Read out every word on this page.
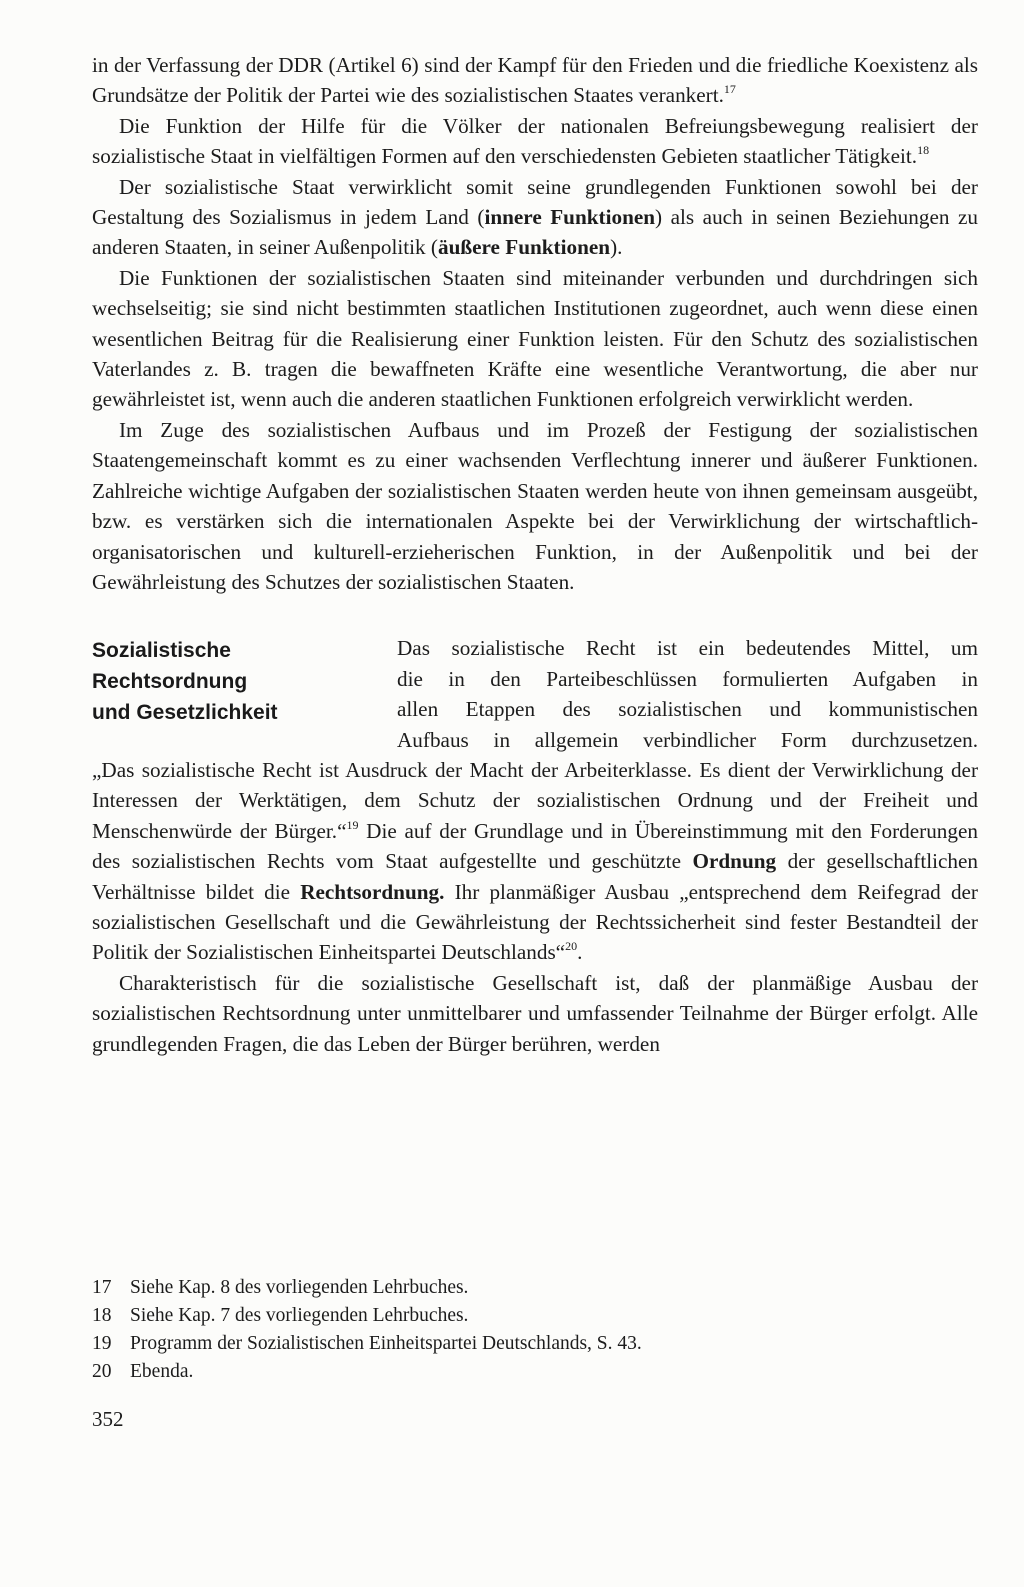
in der Verfassung der DDR (Artikel 6) sind der Kampf für den Frieden und die friedliche Koexistenz als Grundsätze der Politik der Partei wie des sozialistischen Staates verankert.$^{17}$

Die Funktion der Hilfe für die Völker der nationalen Befreiungsbewegung realisiert der sozialistische Staat in vielfältigen Formen auf den verschiedensten Gebieten staatlicher Tätigkeit.$^{18}$

Der sozialistische Staat verwirklicht somit seine grundlegenden Funktionen sowohl bei der Gestaltung des Sozialismus in jedem Land (innere Funktionen) als auch in seinen Beziehungen zu anderen Staaten, in seiner Außenpolitik (äußere Funktionen).

Die Funktionen der sozialistischen Staaten sind miteinander verbunden und durchdringen sich wechselseitig; sie sind nicht bestimmten staatlichen Institutionen zugeordnet, auch wenn diese einen wesentlichen Beitrag für die Realisierung einer Funktion leisten. Für den Schutz des sozialistischen Vaterlandes z. B. tragen die bewaffneten Kräfte eine wesentliche Verantwortung, die aber nur gewährleistet ist, wenn auch die anderen staatlichen Funktionen erfolgreich verwirklicht werden.

Im Zuge des sozialistischen Aufbaus und im Prozeß der Festigung der sozialistischen Staatengemeinschaft kommt es zu einer wachsenden Verflechtung innerer und äußerer Funktionen. Zahlreiche wichtige Aufgaben der sozialistischen Staaten werden heute von ihnen gemeinsam ausgeübt, bzw. es verstärken sich die internationalen Aspekte bei der Verwirklichung der wirtschaftlich-organisatorischen und kulturell-erzieherischen Funktion, in der Außenpolitik und bei der Gewährleistung des Schutzes der sozialistischen Staaten.

Sozialistische
Rechtsordnung
und Gesetzlichkeit

Das sozialistische Recht ist ein bedeutendes Mittel, um

die in den Parteibeschlüssen formulierten Aufgaben in

allen Etappen des sozialistischen und kommunistischen

Aufbaus in allgemein verbindlicher Form durchzusetzen.

„Das sozialistische Recht ist Ausdruck der Macht der Arbeiterklasse. Es dient der Verwirklichung der Interessen der Werktätigen, dem Schutz der sozialistischen Ordnung und der Freiheit und Menschenwürde der Bürger.“$^{19}$ Die auf der Grundlage und in Übereinstimmung mit den Forderungen des sozialistischen Rechts vom Staat aufgestellte und geschützte Ordnung der gesellschaftlichen Verhältnisse bildet die Rechtsordnung. Ihr planmäßiger Ausbau „entsprechend dem Reifegrad der sozialistischen Gesellschaft und die Gewährleistung der Rechtssicherheit sind fester Bestandteil der Politik der Sozialistischen Einheitspartei Deutschlands“$^{20}$.

Charakteristisch für die sozialistische Gesellschaft ist, daß der planmäßige Ausbau der sozialistischen Rechtsordnung unter unmittelbarer und umfassender Teilnahme der Bürger erfolgt. Alle grundlegenden Fragen, die das Leben der Bürger berühren, werden

17 Siehe Kap. 8 des vorliegenden Lehrbuches.
18 Siehe Kap. 7 des vorliegenden Lehrbuches.
19 Programm der Sozialistischen Einheitspartei Deutschlands, S. 43.
20 Ebenda.
352
